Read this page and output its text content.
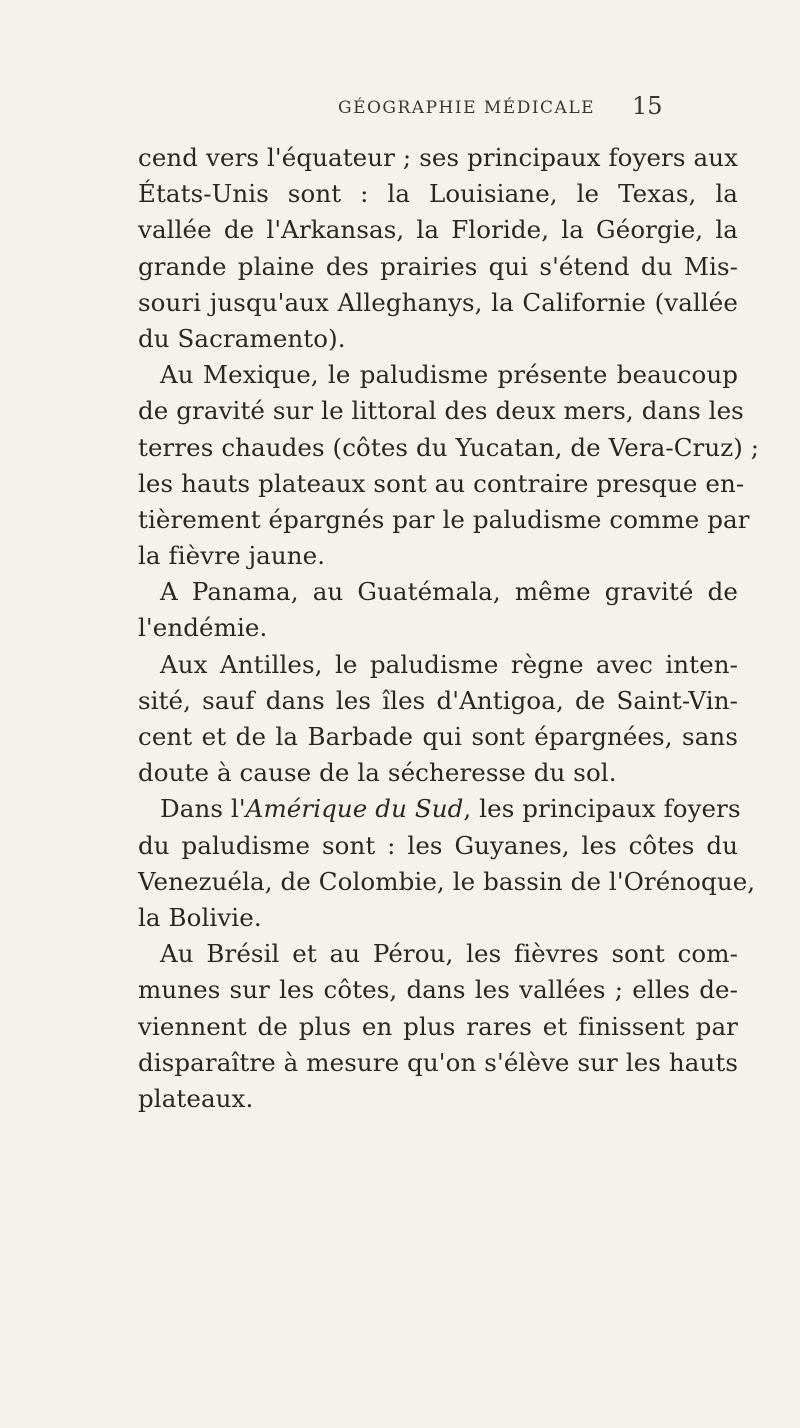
GÉOGRAPHIE MÉDICALE 15
cend vers l'équateur ; ses principaux foyers aux
États-Unis sont : la Louisiane, le Texas, la
vallée de l'Arkansas, la Floride, la Géorgie, la
grande plaine des prairies qui s'étend du Mis-
souri jusqu'aux Alleghanys, la Californie (vallée
du Sacramento).
Au Mexique, le paludisme présente beaucoup
de gravité sur le littoral des deux mers, dans les
terres chaudes (côtes du Yucatan, de Vera-Cruz) ;
les hauts plateaux sont au contraire presque en-
tièrement épargnés par le paludisme comme par
la fièvre jaune.
A Panama, au Guatémala, même gravité de
l'endémie.
Aux Antilles, le paludisme règne avec inten-
sité, sauf dans les îles d'Antigoa, de Saint-Vin-
cent et de la Barbade qui sont épargnées, sans
doute à cause de la sécheresse du sol.
Dans l'Amérique du Sud, les principaux foyers
du paludisme sont : les Guyanes, les côtes du
Venezuéla, de Colombie, le bassin de l'Orénoque,
la Bolivie.
Au Brésil et au Pérou, les fièvres sont com-
munes sur les côtes, dans les vallées ; elles de-
viennent de plus en plus rares et finissent par
disparaître à mesure qu'on s'élève sur les hauts
plateaux.
